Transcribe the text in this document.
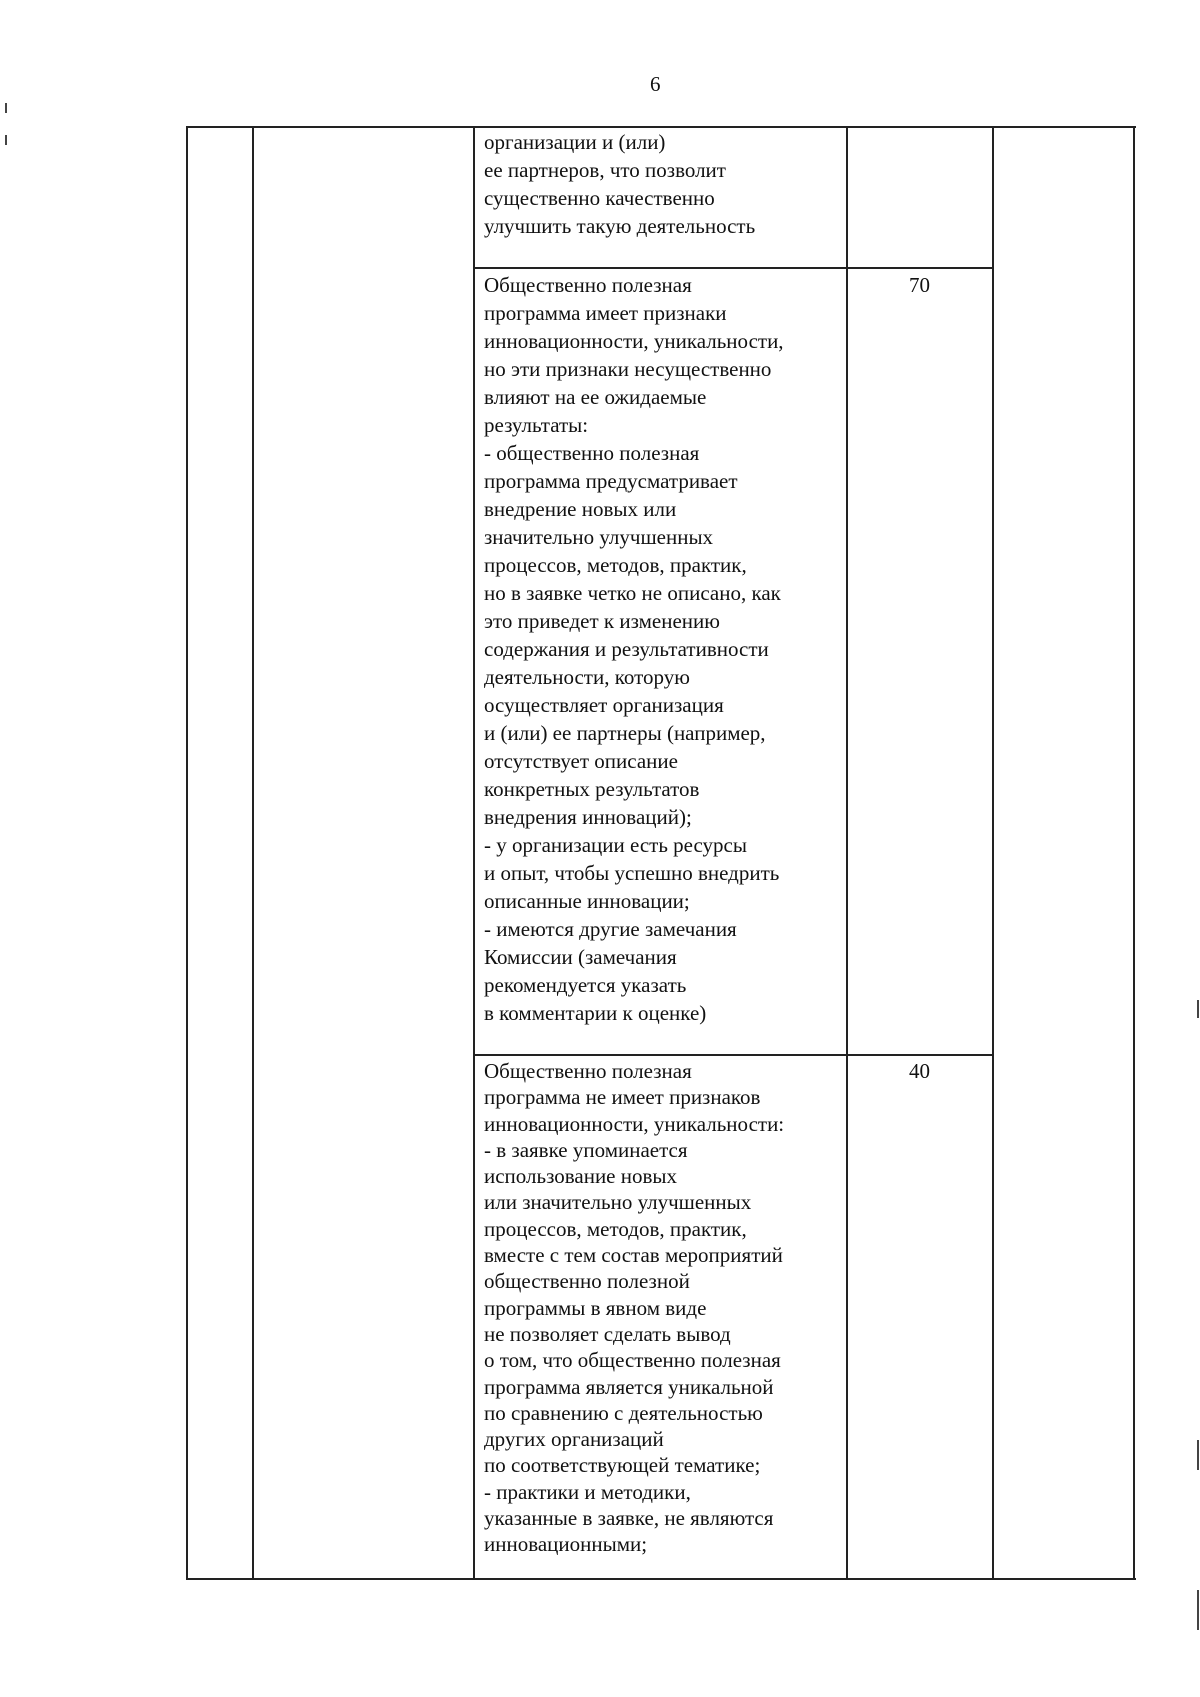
6
организации и (или)
ее партнеров, что позволит
существенно качественно
улучшить такую деятельность
Общественно полезная
программа имеет признаки
инновационности, уникальности,
но эти признаки несущественно
влияют на ее ожидаемые
результаты:
- общественно полезная
программа предусматривает
внедрение новых или
значительно улучшенных
процессов, методов, практик,
но в заявке четко не описано, как
это приведет к изменению
содержания и результативности
деятельности, которую
осуществляет организация
и (или) ее партнеры (например,
отсутствует описание
конкретных результатов
внедрения инноваций);
- у организации есть ресурсы
и опыт, чтобы успешно внедрить
описанные инновации;
- имеются другие замечания
Комиссии (замечания
рекомендуется указать
в комментарии к оценке)
Общественно полезная
программа не имеет признаков
инновационности, уникальности:
- в заявке упоминается
использование новых
или значительно улучшенных
процессов, методов, практик,
вместе с тем состав мероприятий
общественно полезной
программы в явном виде
не позволяет сделать вывод
о том, что общественно полезная
программа является уникальной
по сравнению с деятельностью
других организаций
по соответствующей тематике;
- практики и методики,
указанные в заявке, не являются
инновационными;
70
40
